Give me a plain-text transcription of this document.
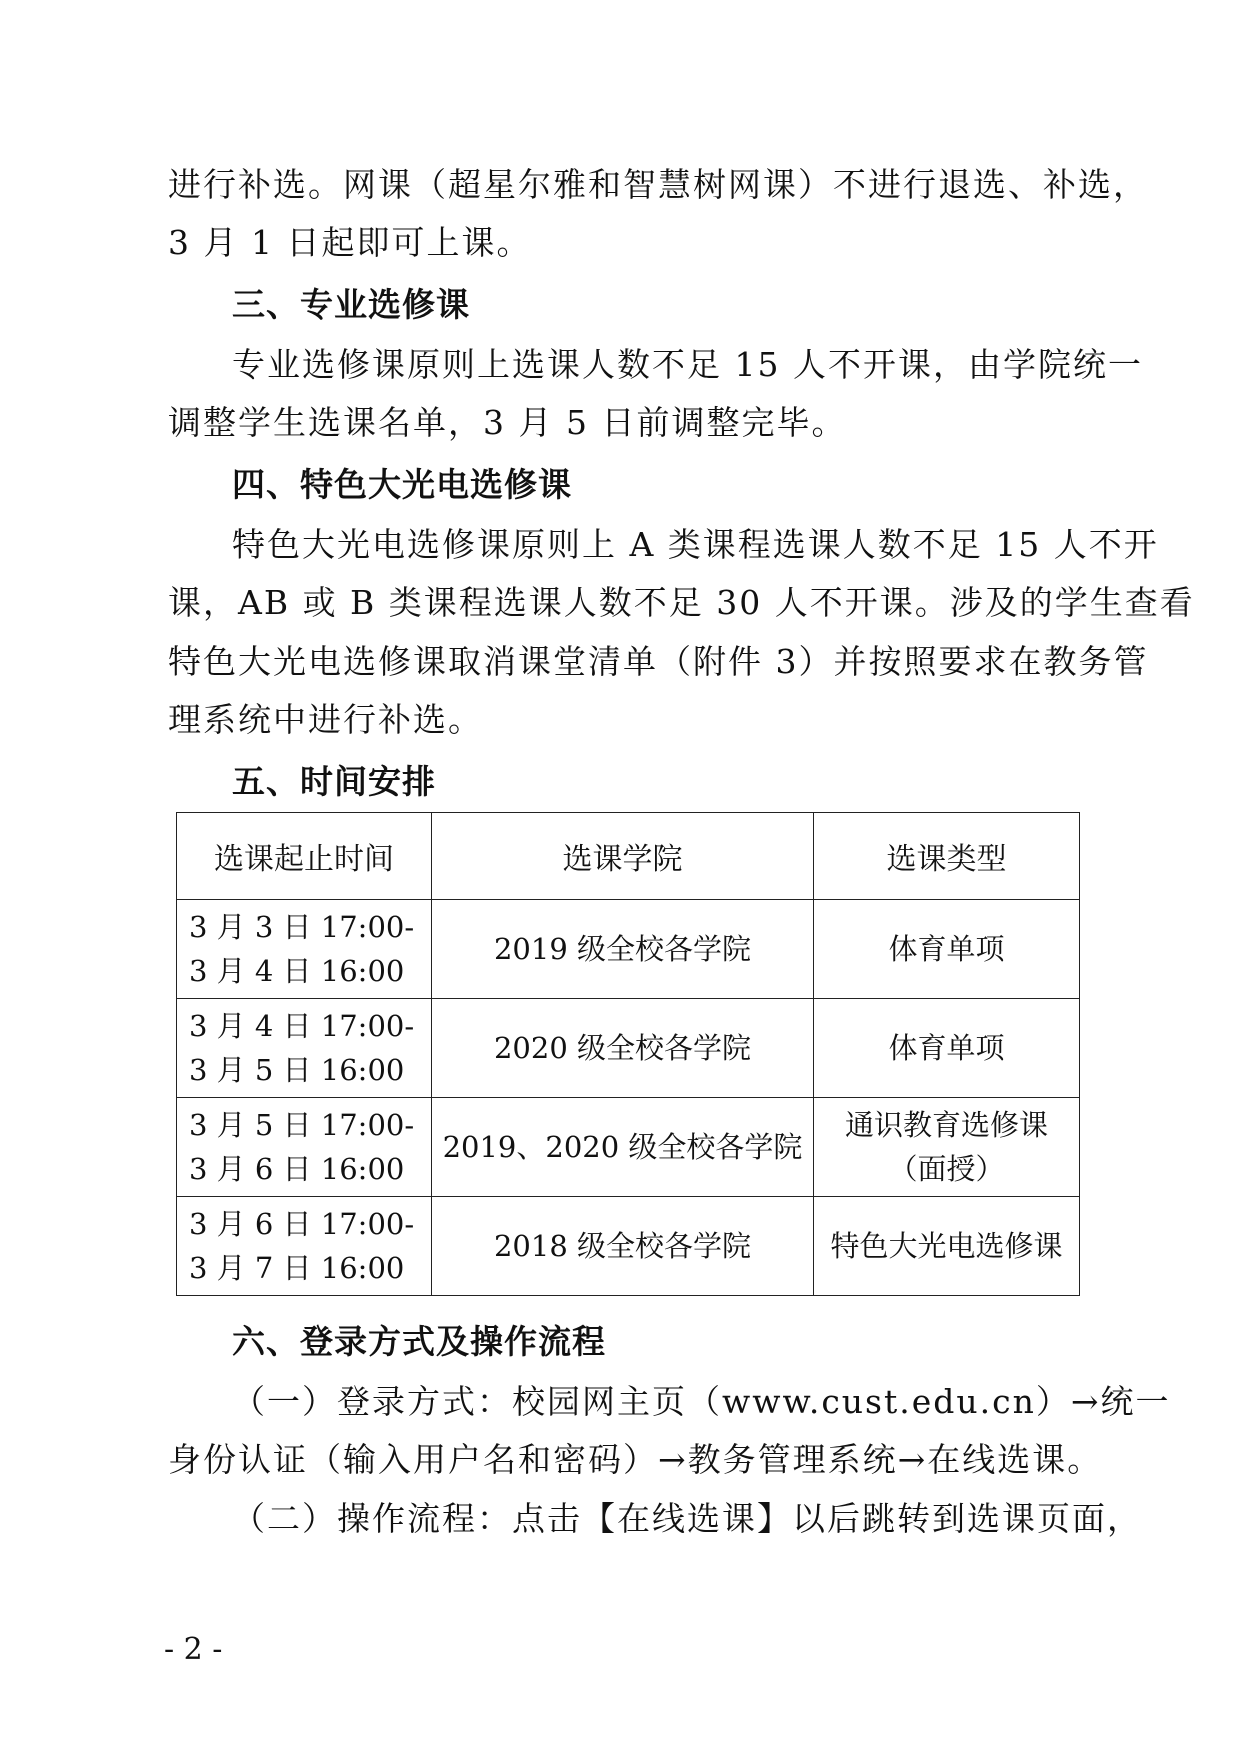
进行补选。网课（超星尔雅和智慧树网课）不进行退选、补选，
3 月 1 日起即可上课。
三、专业选修课
专业选修课原则上选课人数不足 15 人不开课，由学院统一
调整学生选课名单，3 月 5 日前调整完毕。
四、特色大光电选修课
特色大光电选修课原则上 A 类课程选课人数不足 15 人不开
课，AB 或 B 类课程选课人数不足 30 人不开课。涉及的学生查看
特色大光电选修课取消课堂清单（附件 3）并按照要求在教务管
理系统中进行补选。
五、时间安排
选课起止时间	选课学院	选课类型
3 月 3 日 17:00-
3 月 4 日 16:00	2019 级全校各学院	体育单项
3 月 4 日 17:00-
3 月 5 日 16:00	2020 级全校各学院	体育单项
3 月 5 日 17:00-
3 月 6 日 16:00	2019、2020 级全校各学院	通识教育选修课
（面授）
3 月 6 日 17:00-
3 月 7 日 16:00	2018 级全校各学院	特色大光电选修课
六、登录方式及操作流程
（一）登录方式：校园网主页（www.cust.edu.cn）→统一
身份认证（输入用户名和密码）→教务管理系统→在线选课。
（二）操作流程：点击【在线选课】以后跳转到选课页面，
- 2 -
